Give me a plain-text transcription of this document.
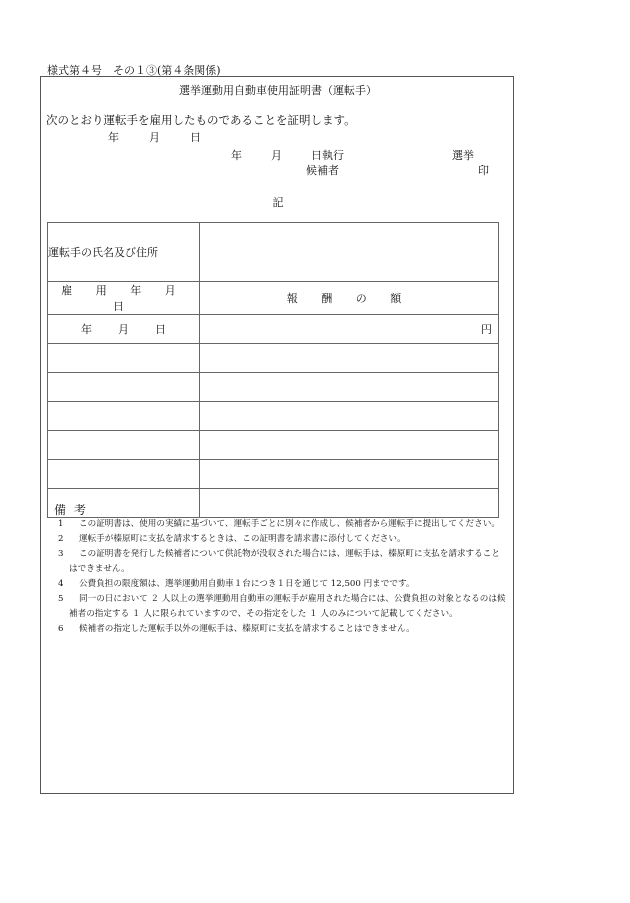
様式第４号　その１③(第４条関係)
選挙運動用自動車使用証明書（運転手）
次のとおり運転手を雇用したものであることを証明します。
年	月	日
年	月	日執行	選挙
候補者	印
記
運転手の氏名及び住所	
雇 用 年 月 日	報 酬 の 額
年 月 日	円

備考
1	この証明書は、使用の実績に基づいて、運転手ごとに別々に作成し、候補者から運転手に提出してください。
2	運転手が榛原町に支払を請求するときは、この証明書を請求書に添付してください。
3	この証明書を発行した候補者について供託物が没収された場合には、運転手は、榛原町に支払を請求することはできません。
4	公費負担の限度額は、選挙運動用自動車１台につき１日を通じて 12,500 円までです。
5	同一の日において ２ 人以上の選挙運動用自動車の運転手が雇用された場合には、公費負担の対象となるのは候補者の指定する １ 人に限られていますので、その指定をした １ 人のみについて記載してください。
6	候補者の指定した運転手以外の運転手は、榛原町に支払を請求することはできません。
